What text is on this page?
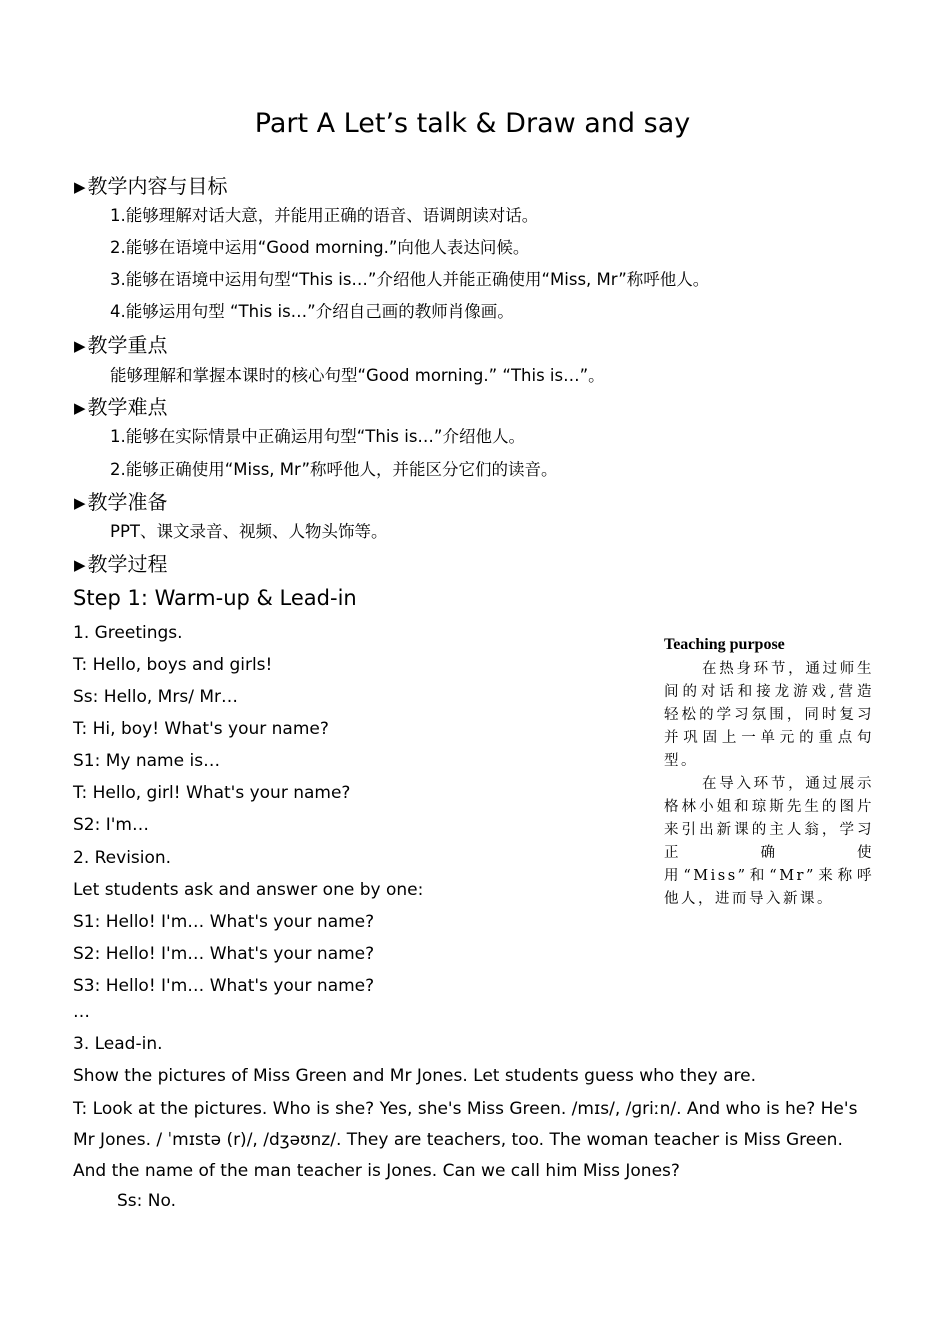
Part A Let’s talk & Draw and say
▶ 教学内容与目标
1.能够理解对话大意，并能用正确的语音、语调朗读对话。
2.能够在语境中运用“Good morning.”向他人表达问候。
3.能够在语境中运用句型“This is…”介绍他人并能正确使用“Miss, Mr”称呼他人。
4.能够运用句型 “This is…”介绍自己画的教师肖像画。
▶ 教学重点
能够理解和掌握本课时的核心句型“Good morning.” “This is…”。
▶ 教学难点
1.能够在实际情景中正确运用句型“This is…”介绍他人。
2.能够正确使用“Miss, Mr”称呼他人，并能区分它们的读音。
▶ 教学准备
PPT、课文录音、视频、人物头饰等。
▶ 教学过程
Step 1: Warm-up & Lead-in
1. Greetings.
T: Hello, boys and girls!
Ss: Hello, Mrs/ Mr…
T: Hi, boy! What's your name?
S1: My name is…
T: Hello, girl! What's your name?
S2: I'm…
2. Revision.
Let students ask and answer one by one:
S1: Hello! I'm… What's your name?
S2: Hello! I'm… What's your name?
S3: Hello! I'm… What's your name?
…
3. Lead-in.
Show the pictures of Miss Green and Mr Jones. Let students guess who they are.
T: Look at the pictures. Who is she? Yes, she's Miss Green. /mɪs/, /ɡriːn/. And who is he? He's Mr Jones. / ˈmɪstə (r)/, /dʒəʊnz/. They are teachers, too. The woman teacher is Miss Green. And the name of the man teacher is Jones. Can we call him Miss Jones?
Ss: No.
Teaching purpose

在热身环节，通过师生间的对话和接龙游戏,营造轻松的学习氛围，同时复习并巩固上一单元的重点句型。

在导入环节，通过展示格林小姐和琼斯先生的图片来引出新课的主人翁，学习正确使用“Miss”和“Mr”来称呼他人，进而导入新课。
